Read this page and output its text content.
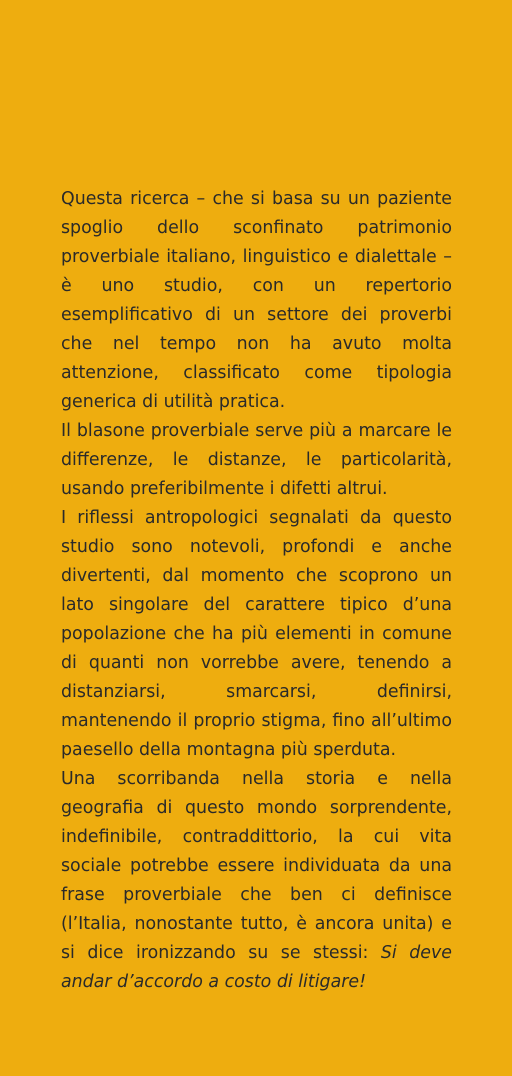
Questa ricerca – che si basa su un paziente spoglio dello sconfinato patrimonio proverbiale italiano, linguistico e dialettale – è uno studio, con un repertorio esemplificativo di un settore dei proverbi che nel tempo non ha avuto molta attenzione, classificato come tipologia generica di utilità pratica.

Il blasone proverbiale serve più a marcare le differenze, le distanze, le particolarità, usando preferibilmente i difetti altrui.

I riflessi antropologici segnalati da questo studio sono notevoli, profondi e anche divertenti, dal momento che scoprono un lato singolare del carattere tipico d’una popolazione che ha più elementi in comune di quanti non vorrebbe avere, tenendo a distanziarsi, smarcarsi, definirsi, mantenendo il proprio stigma, fino all’ultimo paesello della montagna più sperduta.

Una scorribanda nella storia e nella geografia di questo mondo sorprendente, indefinibile, contraddittorio, la cui vita sociale potrebbe essere individuata da una frase proverbiale che ben ci definisce (l’Italia, nonostante tutto, è ancora unita) e si dice ironizzando su se stessi: Si deve andar d’accordo a costo di litigare!
